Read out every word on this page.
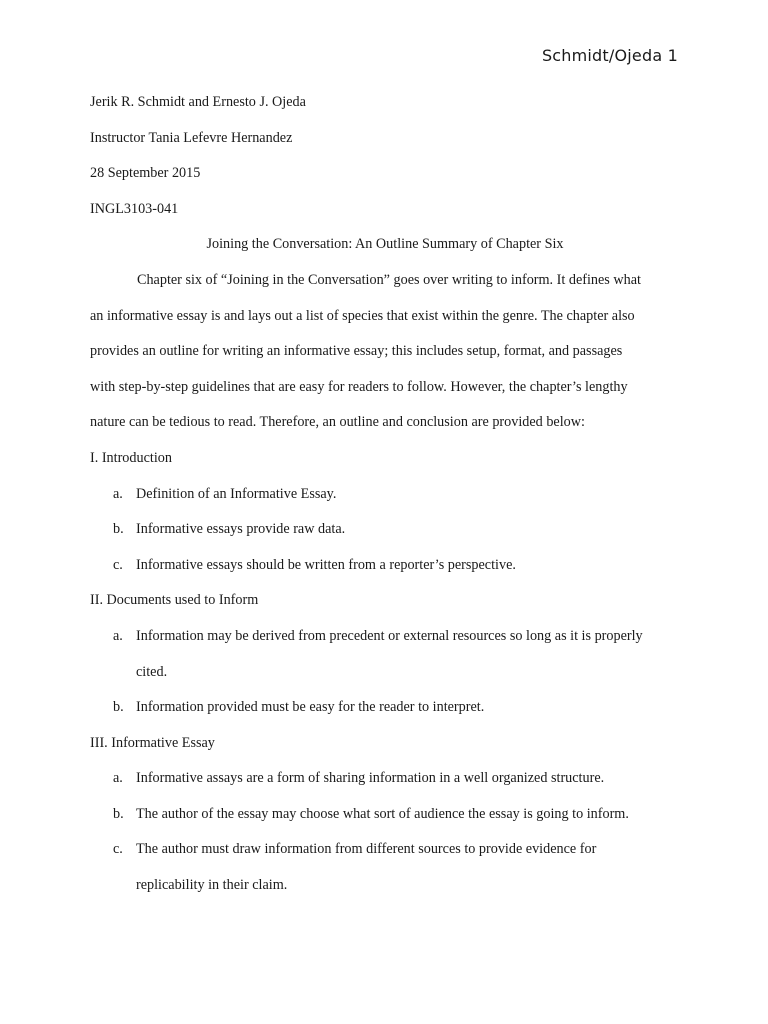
Schmidt/Ojeda 1
Jerik R. Schmidt and Ernesto J. Ojeda
Instructor Tania Lefevre Hernandez
28 September 2015
INGL3103-041
Joining the Conversation: An Outline Summary of Chapter Six
Chapter six of “Joining in the Conversation” goes over writing to inform. It defines what
an informative essay is and lays out a list of species that exist within the genre. The chapter also
provides an outline for writing an informative essay; this includes setup, format, and passages
with step-by-step guidelines that are easy for readers to follow. However, the chapter’s lengthy
nature can be tedious to read. Therefore, an outline and conclusion are provided below:
I. Introduction
a. Definition of an Informative Essay.
b. Informative essays provide raw data.
c. Informative essays should be written from a reporter’s perspective.
II. Documents used to Inform
a. Information may be derived from precedent or external resources so long as it is properly
cited.
b. Information provided must be easy for the reader to interpret.
III. Informative Essay
a. Informative assays are a form of sharing information in a well organized structure.
b. The author of the essay may choose what sort of audience the essay is going to inform.
c. The author must draw information from different sources to provide evidence for
replicability in their claim.
